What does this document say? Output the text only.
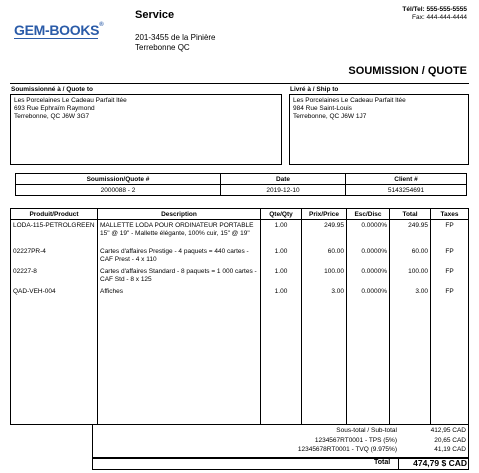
GEM-BOOKS®
Service
201-3455 de la Pinière
Terrebonne QC
Tél/Tel: 555-555-5555
Fax: 444-444-4444
SOUMISSION / QUOTE
Soumissionné à / Quote to	Livré à / Ship to
Les Porcelaines Le Cadeau Parfait ltée
693 Rue Ephraïm Raymond
Terrebonne, QC J6W 3G7
Les Porcelaines Le Cadeau Parfait ltée
984 Rue Saint-Louis
Terrebonne, QC J6W 1J7
Soumission/Quote #	Date	Client #
2000088 - 2	2019-12-10	5143254691
Produit/Product	Description	Qte/Qty	Prix/Price	Esc/Disc	Total	Taxes
LODA-115-PETROLGREEN	MALLETTE LODA POUR ORDINATEUR PORTABLE 15" @ 19" - Mallette élégante, 100% cuir, 15" @ 19"	1.00	249.95	0.0000%	249.95	FP
02227PR-4	Cartes d'affaires Prestige - 4 paquets = 440 cartes - CAF Prest - 4 x 110	1.00	60.00	0.0000%	60.00	FP
02227-8	Cartes d'affaires Standard - 8 paquets = 1 000 cartes - CAF Std - 8 x 125	1.00	100.00	0.0000%	100.00	FP
QAD-VEH-004	Affiches	1.00	3.00	0.0000%	3.00	FP
Sous-total / Sub-total	412,95 CAD
1234567RT0001 - TPS (5%)	20,65 CAD
12345678RT0001 - TVQ (9.975%)	41,19 CAD
Total	474,79 $ CAD
